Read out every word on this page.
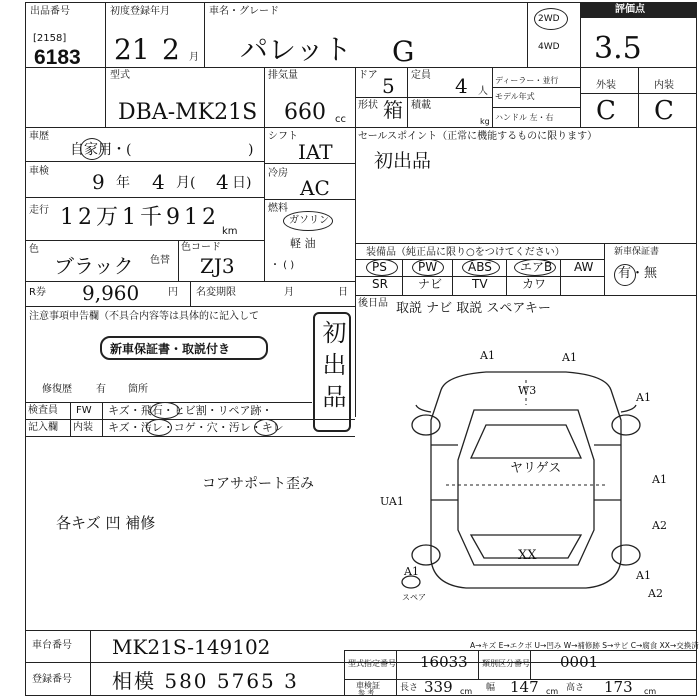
出品番号
[2158]
6183
初度登録年月
21 2 月
車名・グレード
パレット G
2WD
4WD
評価点
3.5
型式
DBA-MK21S
排気量
660 cc
ドア 5 定員 4 人
形状 箱 積載
kg
ディーラー・並行
モデル年式
ハンドル 左・右
外装	内装
C C
車歴
自家用・(	)
車検 9 年 4 月( 4 日)
走行 12万1千912
km
色
ブラック 色替
色コード
ZJ3
シフト
IAT
冷房
AC
燃料
ガソリン
軽 油
・ ( )
セールスポイント（正常に機能するものに限ります）
初出品
装備品（純正品に限り○をつけてください）
PS	PW	ABS エアB AW
SR	ナビ TV	カワ
新車保証書
有・無
R券 9,960	円 名変期限	月	日
後日品 取説 ナビ 取説 スペアキー
注意事項申告欄（不具合内容等は具体的に記入して
新車保証書・取説付き
修復歴 有 箇所	初出品
検査員
記入欄
FW
内装
キズ・飛石・ヒビ割・リペア跡・
キズ・汚レ・コゲ・穴・汚レ・キレ
コアサポート歪み
各キズ 凹 補修
A1	A1
W3
A1
A1
UA1
A2
XX
A1	A1
A2
ヤリゲス
スペア
A→キズ E→エクボ U→凹み W→補修跡 S→サビ C→腐食 XX→交換済
車台番号 MK21S-149102
登録番号 相模 580 5765 3
型式指定番号 16033 類別区分番号 0001
車検証
参 考	長さ 339 cm 幅 147 cm 高さ 173 cm
